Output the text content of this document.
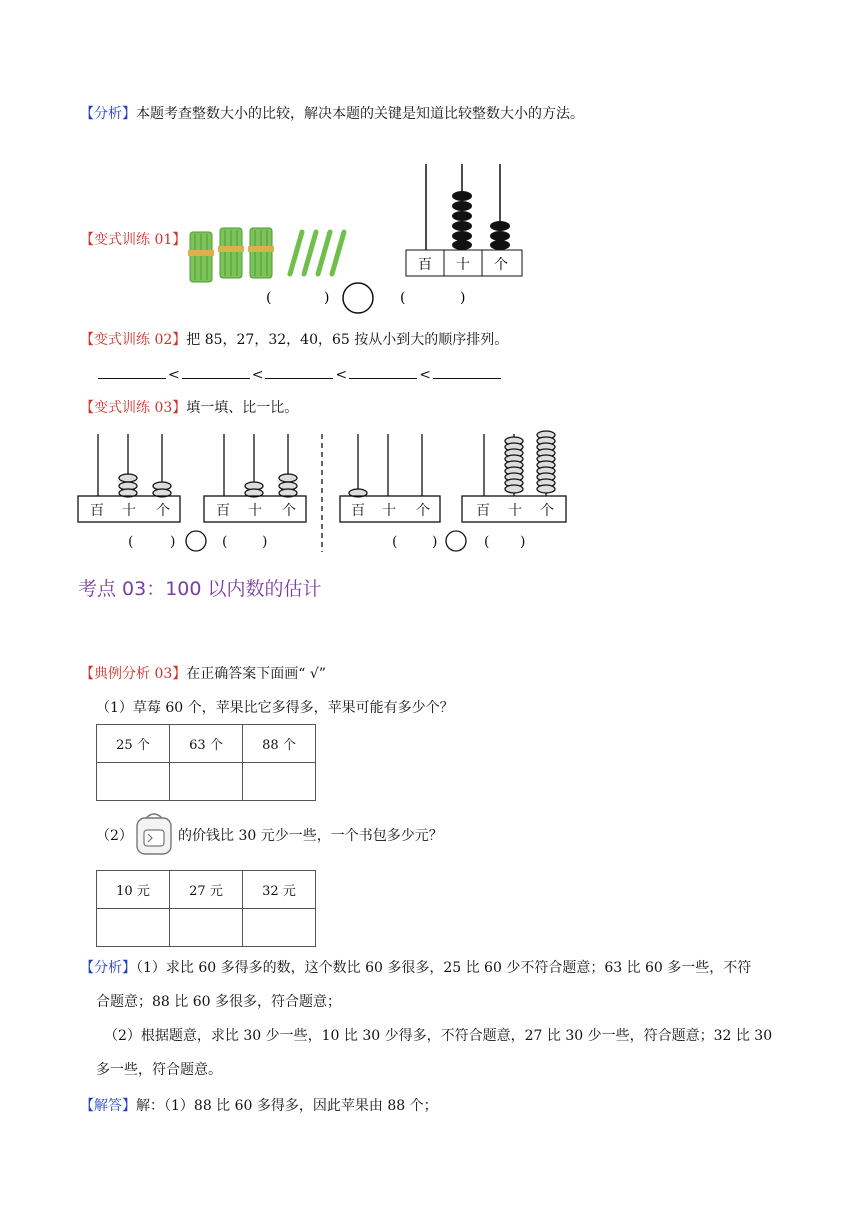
【分析】本题考查整数大小的比较，解决本题的关键是知道比较整数大小的方法。
【变式训练 01】
百 十 个
(	)	(	)
【变式训练 02】把 85，27，32，40，65 按从小到大的顺序排列。
<	<	<	<
【变式训练 03】填一填、比一比。
百 十 个	百 十 个	百 十 个	百 十 个
(	)	( )	( )	( )
考点 03：100 以内数的估计
【典例分析 03】在正确答案下面画“ √”
（1）草莓 60 个，苹果比它多得多，苹果可能有多少个？
25 个	63 个	88 个

（2）	的价钱比 30 元少一些，一个书包多少元？
10 元	27 元	32 元

【分析】（1）求比 60 多得多的数，这个数比 60 多很多，25 比 60 少不符合题意；63 比 60 多一些，不符
合题意；88 比 60 多很多，符合题意；
（2）根据题意，求比 30 少一些，10 比 30 少得多，不符合题意，27 比 30 少一些，符合题意；32 比 30
多一些，符合题意。
【解答】解：（1）88 比 60 多得多，因此苹果由 88 个；
